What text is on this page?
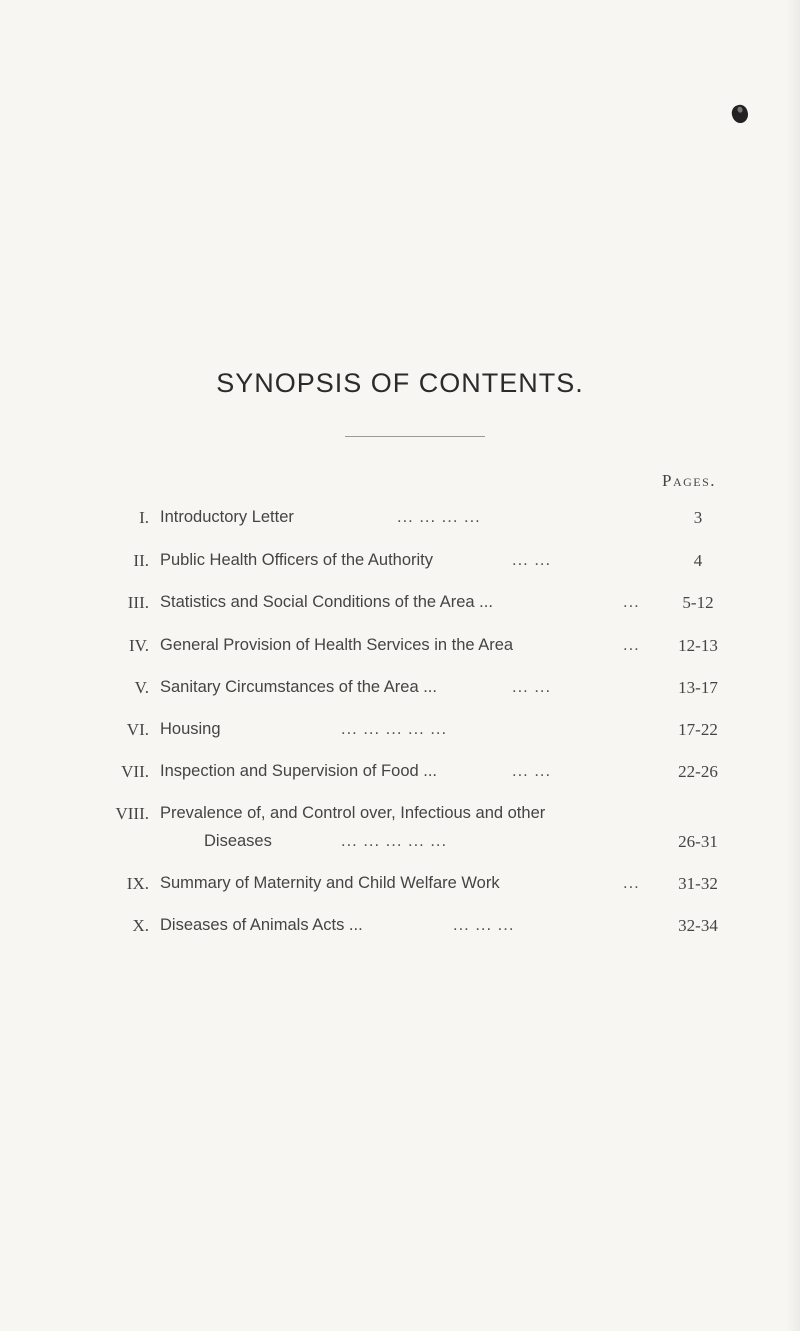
SYNOPSIS OF CONTENTS.
Pages.
I. Introductory Letter	... ... ... ...	3
II. Public Health Officers of the Authority	... ...	4
III. Statistics and Social Conditions of the Area ...	...	5-12
IV. General Provision of Health Services in the Area	...	12-13
V. Sanitary Circumstances of the Area ...	... ...	13-17
VI. Housing	... ... ... ... ...	17-22
VII. Inspection and Supervision of Food ...	... ...	22-26
VIII. Prevalence of, and Control over, Infectious and other
Diseases	... ... ... ... ...	26-31
IX. Summary of Maternity and Child Welfare Work	...	31-32
X. Diseases of Animals Acts ...	... ... ...	32-34
